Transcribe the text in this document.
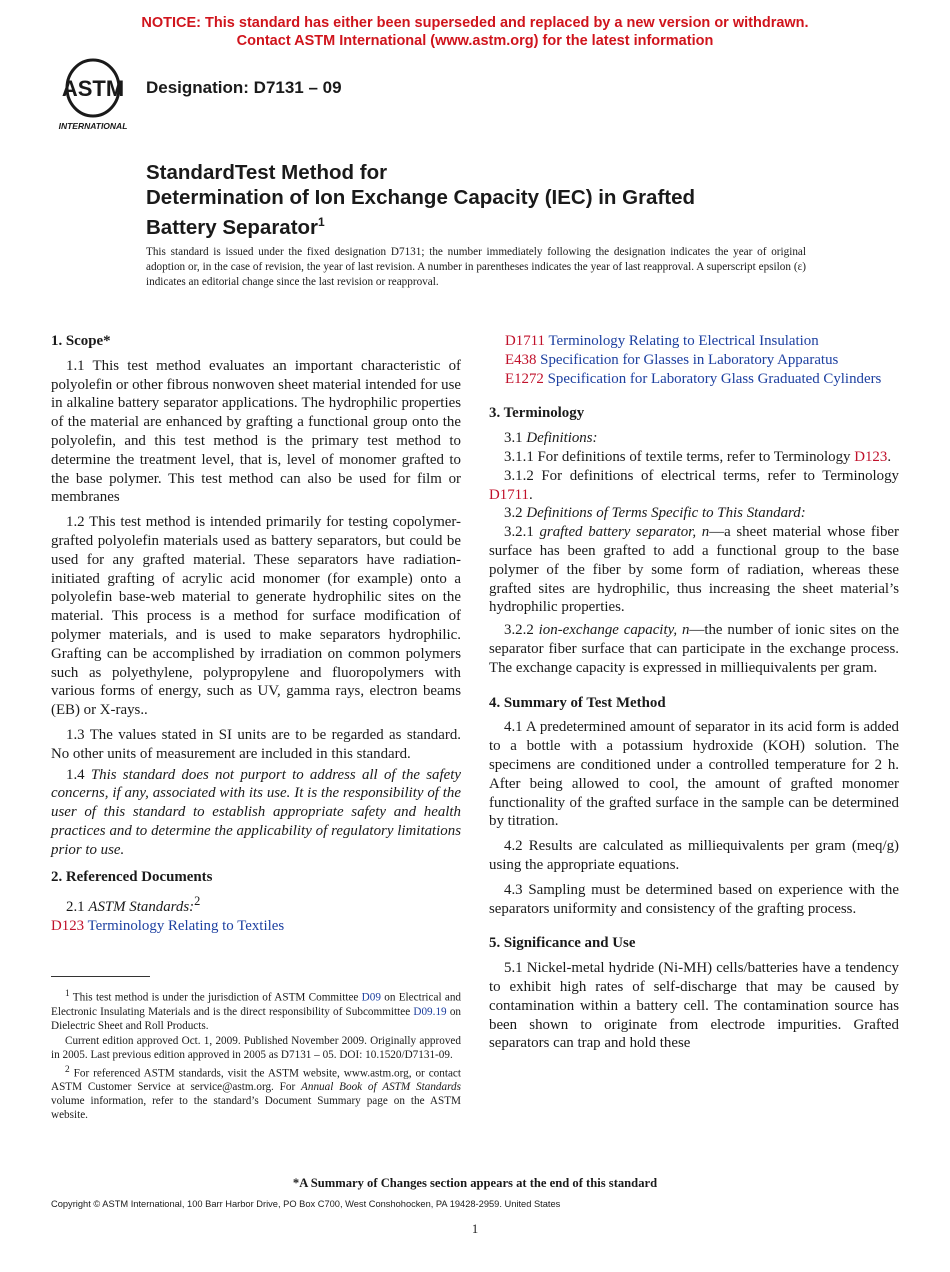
NOTICE: This standard has either been superseded and replaced by a new version or withdrawn.
Contact ASTM International (www.astm.org) for the latest information
ASTM
INTERNATIONAL
Designation: D7131 – 09
StandardTest Method for
Determination of Ion Exchange Capacity (IEC) in Grafted
Battery Separator$^1$
This standard is issued under the fixed designation D7131; the number immediately following the designation indicates the year of original adoption or, in the case of revision, the year of last revision. A number in parentheses indicates the year of last reapproval. A superscript epsilon (ε) indicates an editorial change since the last revision or reapproval.
1. Scope*

1.1 This test method evaluates an important characteristic of polyolefin or other fibrous nonwoven sheet material intended for use in alkaline battery separator applications. The hydrophilic properties of the material are enhanced by grafting a functional group onto the polyolefin, and this test method is the primary test method to determine the treatment level, that is, level of monomer grafted to the base polymer. This test method can also be used for film or membranes

1.2 This test method is intended primarily for testing copolymer-grafted polyolefin materials used as battery separators, but could be used for any grafted material. These separators have radiation-initiated grafting of acrylic acid monomer (for example) onto a polyolefin base-web material to generate hydrophilic sites on the material. This process is a method for surface modification of polymer materials, and is used to make separators hydrophilic. Grafting can be accomplished by irradiation on common polymers such as polyethylene, polypropylene and fluoropolymers with various forms of energy, such as UV, gamma rays, electron beams (EB) or X-rays..

1.3 The values stated in SI units are to be regarded as standard. No other units of measurement are included in this standard.

1.4 This standard does not purport to address all of the safety concerns, if any, associated with its use. It is the responsibility of the user of this standard to establish appropriate safety and health practices and to determine the applicability of regulatory limitations prior to use.

2. Referenced Documents

2.1 ASTM Standards:$^2$

D123 Terminology Relating to Textiles

$^1$ This test method is under the jurisdiction of ASTM Committee D09 on Electrical and Electronic Insulating Materials and is the direct responsibility of Subcommittee D09.19 on Dielectric Sheet and Roll Products.

Current edition approved Oct. 1, 2009. Published November 2009. Originally approved in 2005. Last previous edition approved in 2005 as D7131 – 05. DOI: 10.1520/D7131-09.

$^2$ For referenced ASTM standards, visit the ASTM website, www.astm.org, or contact ASTM Customer Service at service@astm.org. For Annual Book of ASTM Standards volume information, refer to the standard’s Document Summary page on the ASTM website.

D1711 Terminology Relating to Electrical Insulation

E438 Specification for Glasses in Laboratory Apparatus

E1272 Specification for Laboratory Glass Graduated Cylinders

3. Terminology

3.1 Definitions:

3.1.1 For definitions of textile terms, refer to Terminology D123.

3.1.2 For definitions of electrical terms, refer to Terminology D1711.

3.2 Definitions of Terms Specific to This Standard:

3.2.1 grafted battery separator, n—a sheet material whose fiber surface has been grafted to add a functional group to the base polymer of the fiber by some form of radiation, whereas these grafted sites are hydrophilic, thus increasing the sheet material’s hydrophilic properties.

3.2.2 ion-exchange capacity, n—the number of ionic sites on the separator fiber surface that can participate in the exchange process. The exchange capacity is expressed in milliequivalents per gram.

4. Summary of Test Method

4.1 A predetermined amount of separator in its acid form is added to a bottle with a potassium hydroxide (KOH) solution. The specimens are conditioned under a controlled temperature for 2 h. After being allowed to cool, the amount of grafted monomer functionality of the grafted surface in the sample can be determined by titration.

4.2 Results are calculated as milliequivalents per gram (meq/g) using the appropriate equations.

4.3 Sampling must be determined based on experience with the separators uniformity and consistency of the grafting process.

5. Significance and Use

5.1 Nickel-metal hydride (Ni-MH) cells/batteries have a tendency to exhibit high rates of self-discharge that may be caused by contamination within a battery cell. The contamination source has been shown to originate from electrode impurities. Grafted separators can trap and hold these

*A Summary of Changes section appears at the end of this standard
Copyright © ASTM International, 100 Barr Harbor Drive, PO Box C700, West Conshohocken, PA 19428-2959. United States
1
